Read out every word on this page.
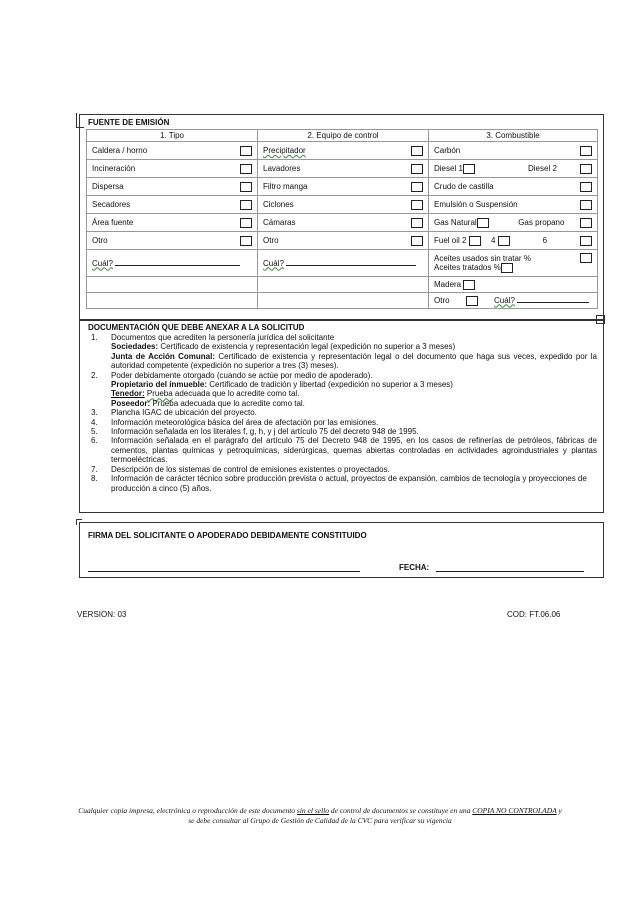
FUENTE DE EMISIÓN
1. Tipo	2. Equipo de control	3. Combustible

Caldera / horno	Precipitador	Carbón

Incineración	Lavadores	Diesel 1 Diesel 2

Dispersa	Filtro manga	Crudo de castilla

Secadores	Ciclones	Emulsión o Suspensión

Área fuente	Cámaras	Gas Natural Gas propano

Otro	Otro	Fuel oil 2 4 6

Cuál?	Cuál?	Aceites usados sin tratar %
Aceites tratados %

		Madera
		Otro Cuál?
DOCUMENTACIÓN QUE DEBE ANEXAR A LA SOLICITUD
1. Documentos que acrediten la personería jurídica del solicitante
Sociedades: Certificado de existencia y representación legal (expedición no superior a 3 meses)
Junta de Acción Comunal: Certificado de existencia y representación legal o del documento que haga sus veces, expedido por la autoridad competente (expedición no superior a tres (3) meses).
2. Poder debidamente otorgado (cuando se actúe por medio de apoderado).
Propietario del inmueble: Certificado de tradición y libertad (expedición no superior a 3 meses)
Tenedor: Prueba adecuada que lo acredite como tal.
Poseedor: Prueba adecuada que lo acredite como tal.
3. Plancha IGAC de ubicación del proyecto.
4. Información meteorológica básica del área de afectación por las emisiones.
5. Información señalada en los literales f, g, h, y j del artículo 75 del decreto 948 de 1995.
6. Información señalada en el parágrafo del artículo 75 del Decreto 948 de 1995, en los casos de refinerías de petróleos, fábricas de cementos, plantas químicas y petroquímicas, siderúrgicas, quemas abiertas controladas en actividades agroindustriales y plantas termoeléctricas.
7. Descripción de los sistemas de control de emisiones existentes o proyectados.
8. Información de carácter técnico sobre producción prevista o actual, proyectos de expansión, cambios de tecnología y proyecciones de producción a cinco (5) años.
FIRMA DEL SOLICITANTE O APODERADO DEBIDAMENTE CONSTITUIDO
FECHA:
VERSION: 03	COD: FT.06.06
Cualquier copia impresa, electrónica o reproducción de este documento sin el sello de control de documentos se constituye en una COPIA NO CONTROLADA y se debe consultar al Grupo de Gestión de Calidad de la CVC para verificar su vigencia
